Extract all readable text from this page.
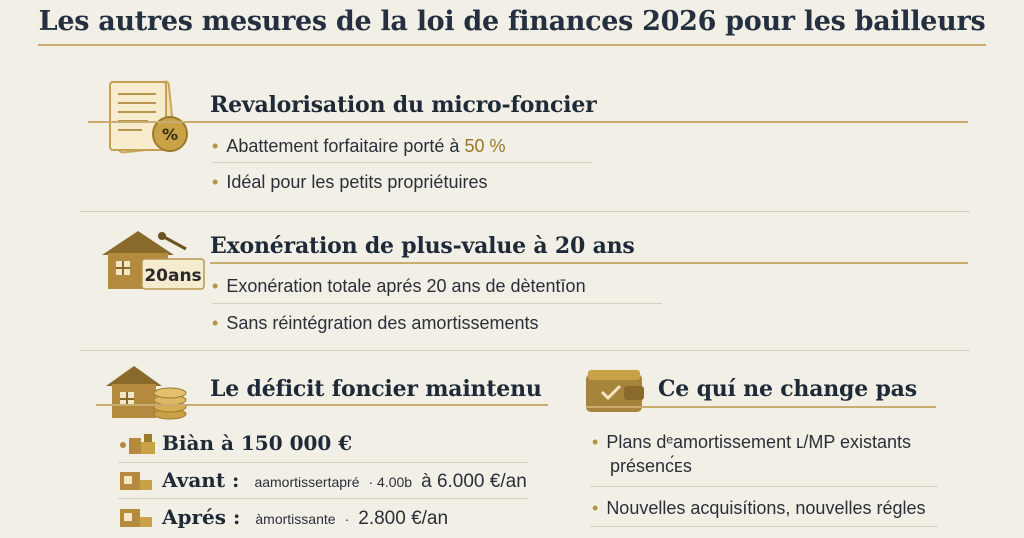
Les autres mesures de la loi de finances 2026 pour les bailleurs
%
Revalorisation du micro-foncier
• Abattement forfaitaire porté à 50 %
• Idéal pour les petits propriétuires
20ans
Exonération de plus-value à 20 ans
• Exonération totale aprés 20 ans de dètentīon
• Sans réintégration des amortissements
Le déficit foncier maintenu
Biàn à 150 000 €
Avant : aamortissertapré · 4.00b à 6.000 €/an
Aprés : àmortissante · 2.800 €/an
Ce quí ne change pas
• Plans dᵉamortissement ʟ/MP existants
présenᴄ́ᴇs
• Nouvelles acquisítions, nouvelles régles
